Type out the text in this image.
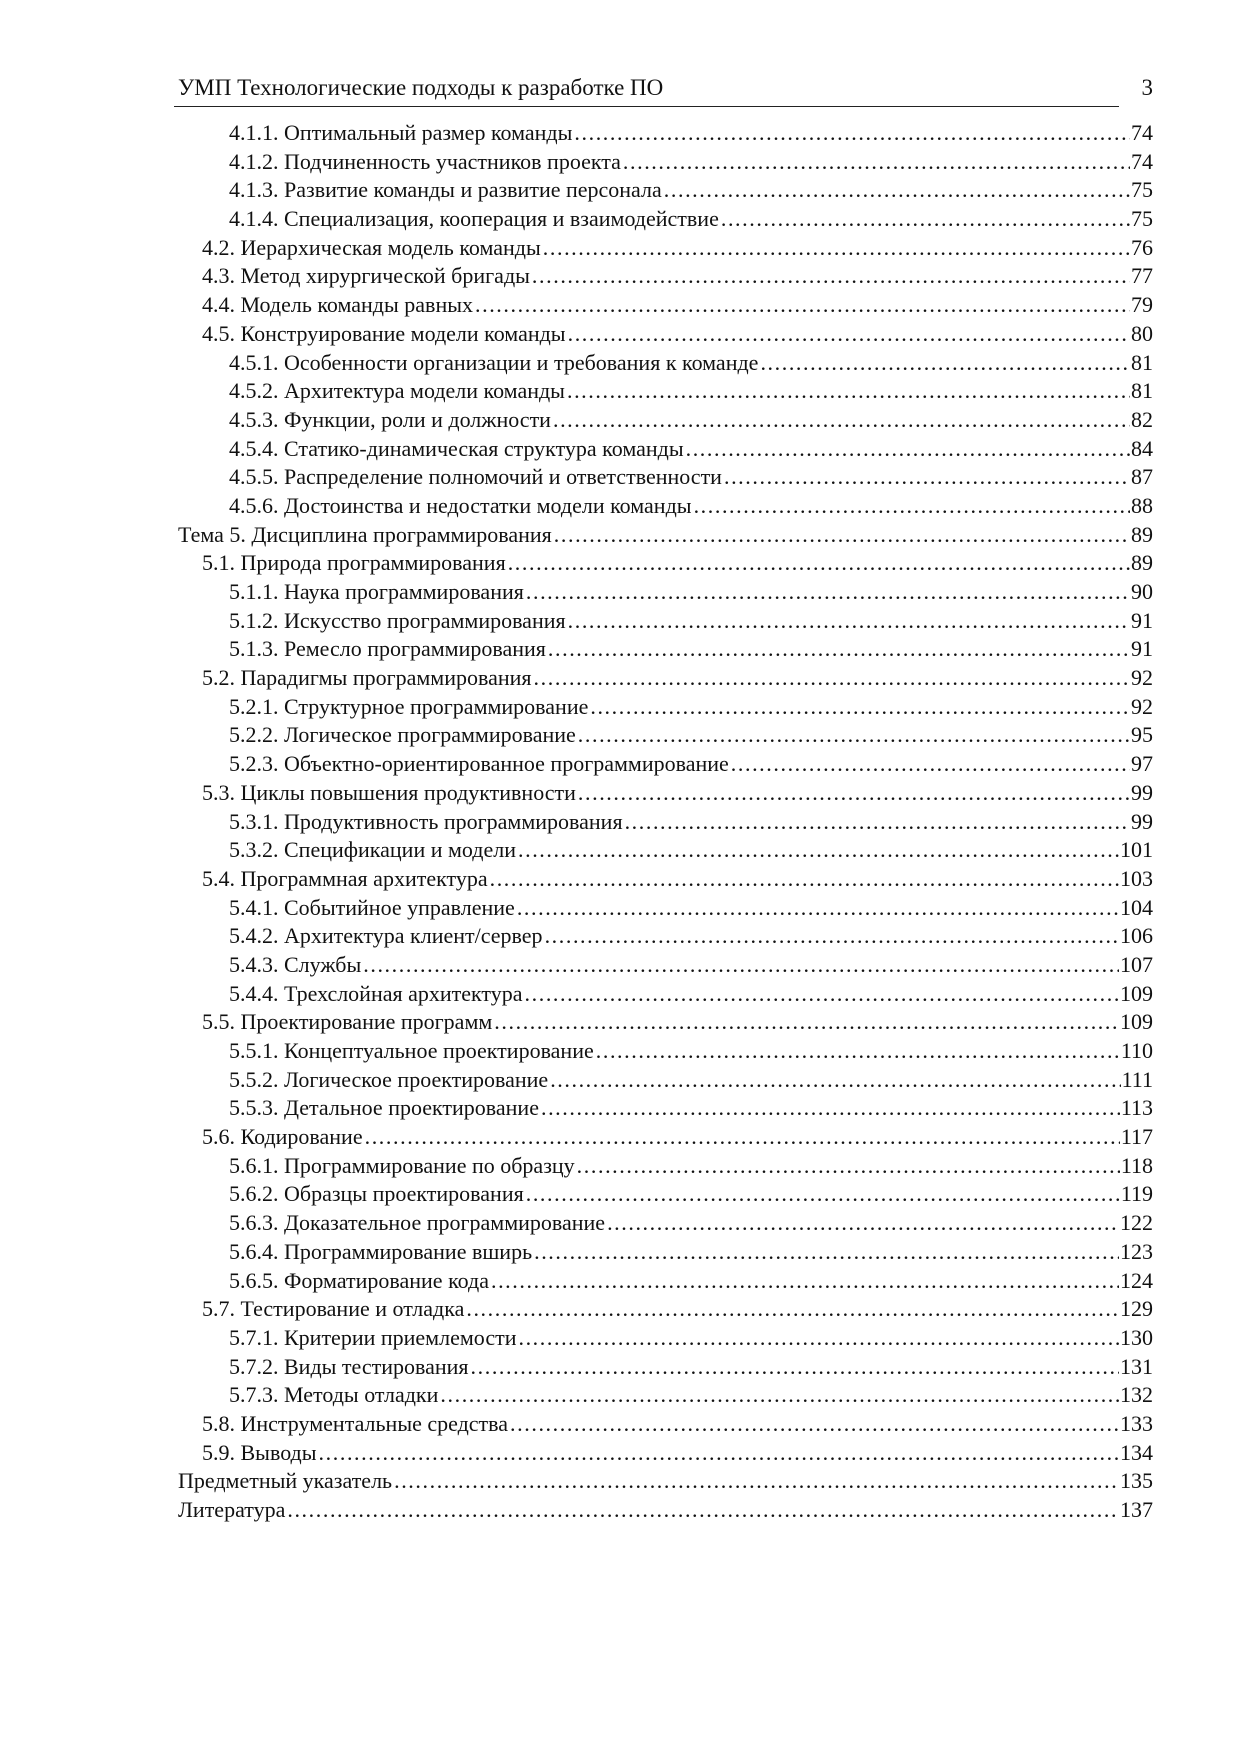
УМП Технологические подходы к разработке ПО	3
4.1.1. Оптимальный размер команды .....	74
4.1.2. Подчиненность участников проекта .....	74
4.1.3. Развитие команды и развитие персонала .....	75
4.1.4. Специализация, кооперация и взаимодействие .....	75
4.2. Иерархическая модель команды .....	76
4.3. Метод хирургической бригады .....	77
4.4. Модель команды равных .....	79
4.5. Конструирование модели команды .....	80
4.5.1. Особенности организации и требования к команде .....	81
4.5.2. Архитектура модели команды .....	81
4.5.3. Функции, роли и должности .....	82
4.5.4. Статико-динамическая структура команды .....	84
4.5.5. Распределение полномочий и ответственности .....	87
4.5.6. Достоинства и недостатки модели команды .....	88
Тема 5. Дисциплина программирования .....	89
5.1. Природа программирования .....	89
5.1.1. Наука программирования .....	90
5.1.2. Искусство программирования .....	91
5.1.3. Ремесло программирования .....	91
5.2. Парадигмы программирования .....	92
5.2.1. Структурное программирование .....	92
5.2.2. Логическое программирование .....	95
5.2.3. Объектно-ориентированное программирование .....	97
5.3. Циклы повышения продуктивности .....	99
5.3.1. Продуктивность программирования .....	99
5.3.2. Спецификации и модели .....	101
5.4. Программная архитектура .....	103
5.4.1. Событийное управление .....	104
5.4.2. Архитектура клиент/сервер .....	106
5.4.3. Службы .....	107
5.4.4. Трехслойная архитектура .....	109
5.5. Проектирование программ .....	109
5.5.1. Концептуальное проектирование .....	110
5.5.2. Логическое проектирование .....	111
5.5.3. Детальное проектирование .....	113
5.6. Кодирование .....	117
5.6.1. Программирование по образцу .....	118
5.6.2. Образцы проектирования .....	119
5.6.3. Доказательное программирование .....	122
5.6.4. Программирование вширь .....	123
5.6.5. Форматирование кода .....	124
5.7. Тестирование и отладка .....	129
5.7.1. Критерии приемлемости .....	130
5.7.2. Виды тестирования .....	131
5.7.3. Методы отладки .....	132
5.8. Инструментальные средства .....	133
5.9. Выводы .....	134
Предметный указатель .....	135
Литература .....	137
